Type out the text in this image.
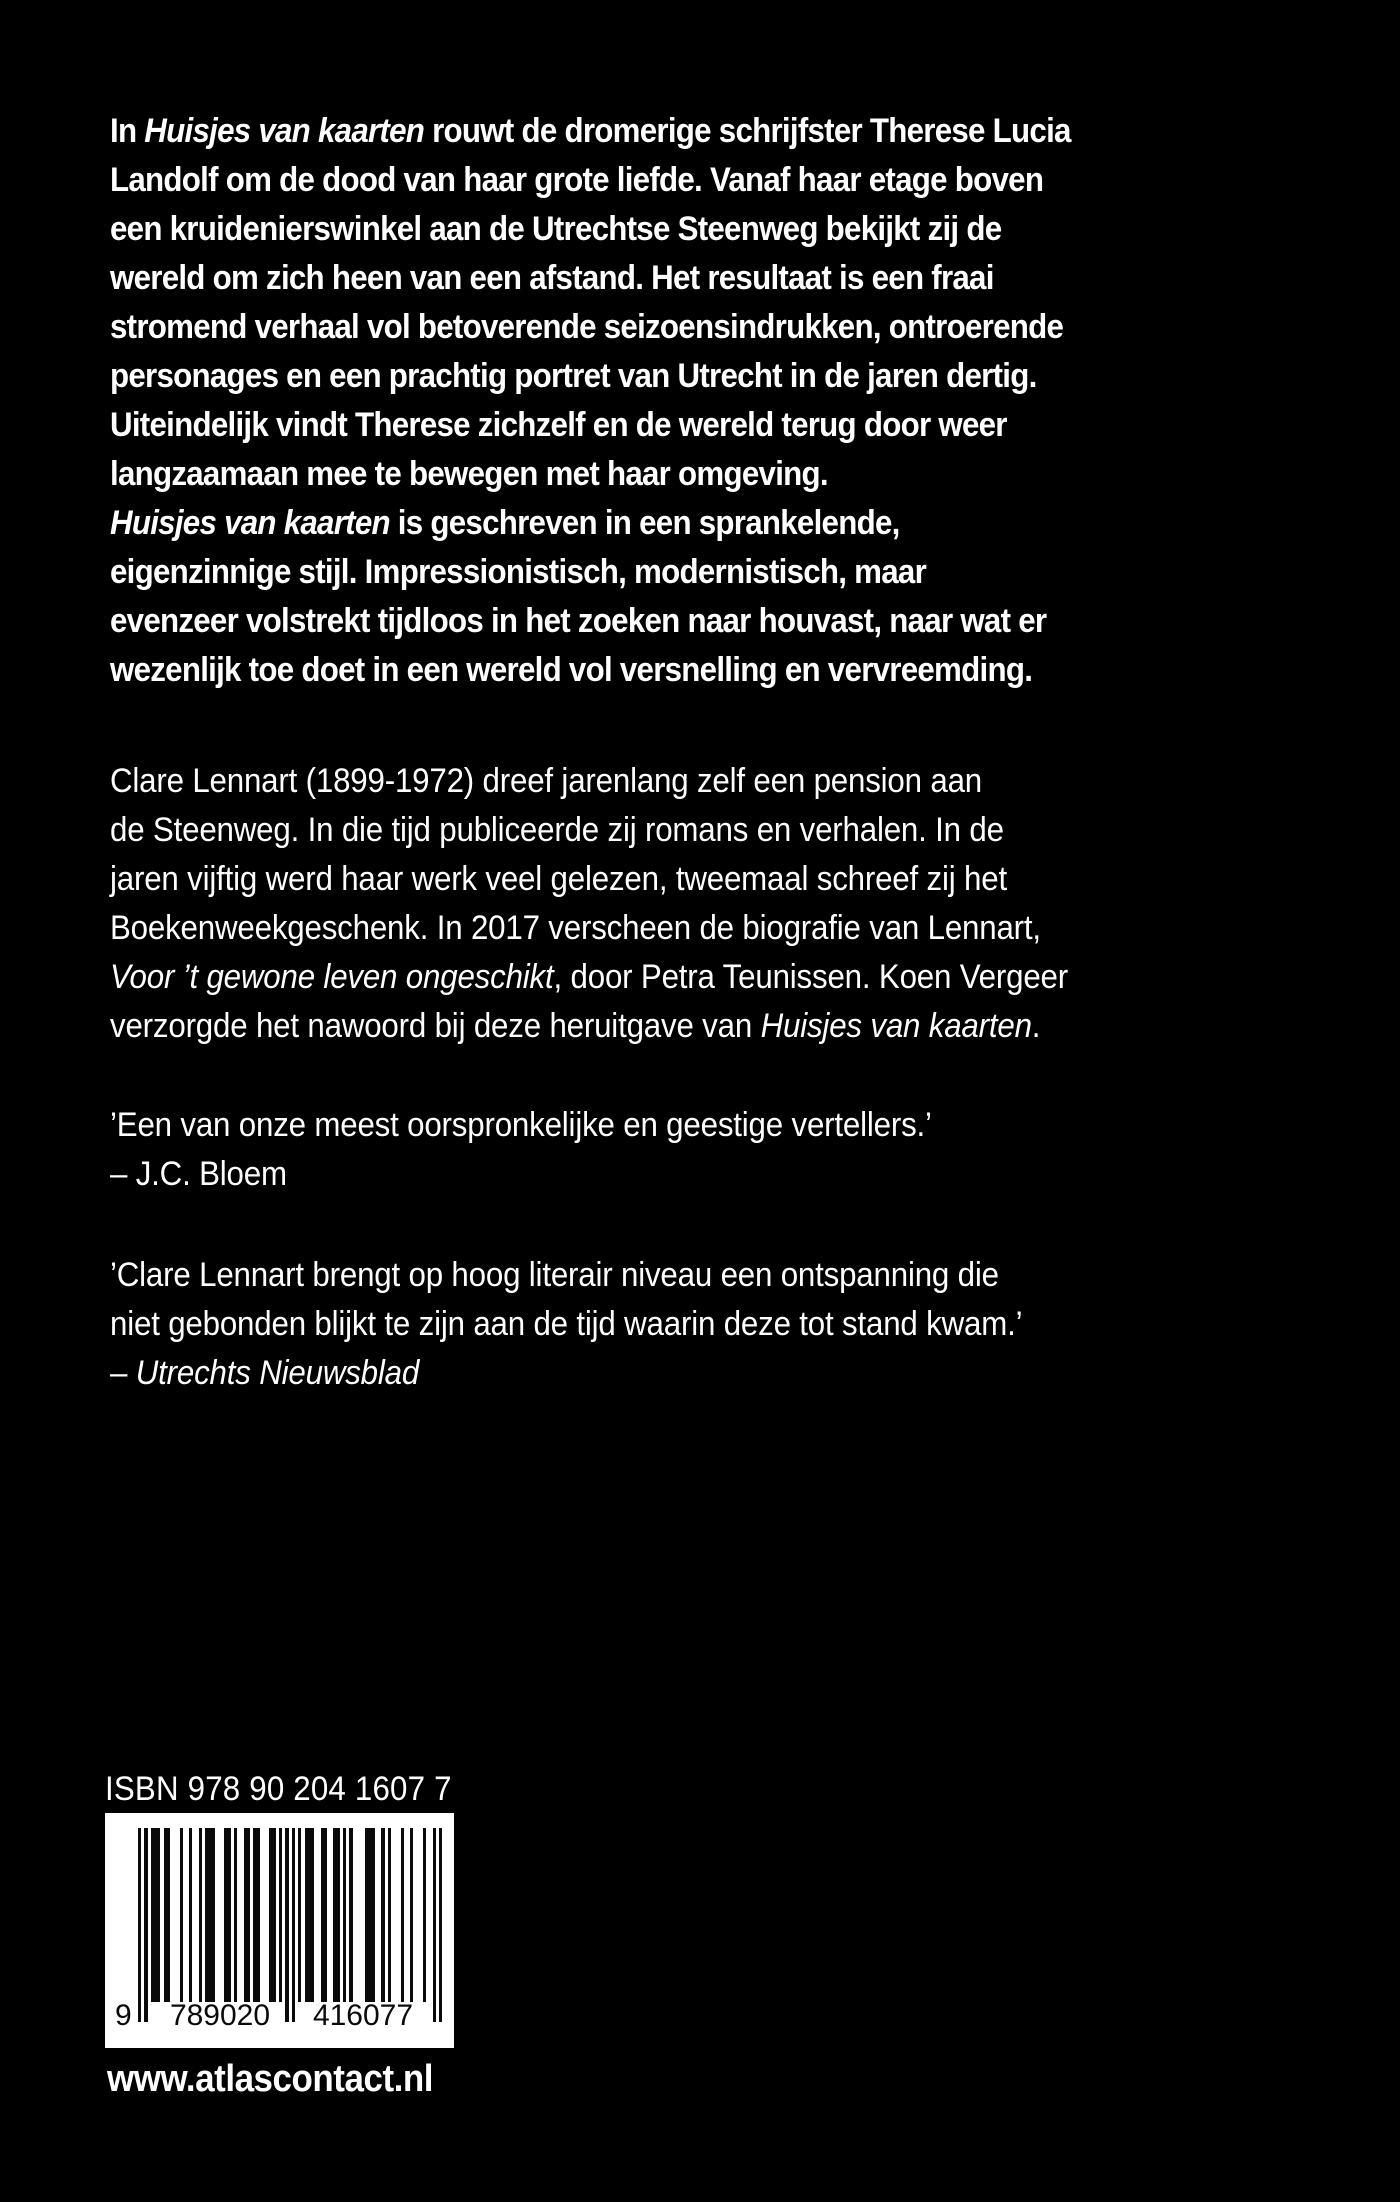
In Huisjes van kaarten rouwt de dromerige schrijfster Therese Lucia
Landolf om de dood van haar grote liefde. Vanaf haar etage boven
een kruidenierswinkel aan de Utrechtse Steenweg bekijkt zij de
wereld om zich heen van een afstand. Het resultaat is een fraai
stromend verhaal vol betoverende seizoensindrukken, ontroerende
personages en een prachtig portret van Utrecht in de jaren dertig.
Uiteindelijk vindt Therese zichzelf en de wereld terug door weer
langzaamaan mee te bewegen met haar omgeving.
Huisjes van kaarten is geschreven in een sprankelende,
eigenzinnige stijl. Impressionistisch, modernistisch, maar
evenzeer volstrekt tijdloos in het zoeken naar houvast, naar wat er
wezenlijk toe doet in een wereld vol versnelling en vervreemding.
Clare Lennart (1899-1972) dreef jarenlang zelf een pension aan
de Steenweg. In die tijd publiceerde zij romans en verhalen. In de
jaren vijftig werd haar werk veel gelezen, tweemaal schreef zij het
Boekenweekgeschenk. In 2017 verscheen de biografie van Lennart,
Voor ’t gewone leven ongeschikt, door Petra Teunissen. Koen Vergeer
verzorgde het nawoord bij deze heruitgave van Huisjes van kaarten.
’Een van onze meest oorspronkelijke en geestige vertellers.’
– J.C. Bloem
’Clare Lennart brengt op hoog literair niveau een ontspanning die
niet gebonden blijkt te zijn aan de tijd waarin deze tot stand kwam.’
– Utrechts Nieuwsblad
ISBN 978 90 204 1607 7
9 789020 416077
www.atlascontact.nl
